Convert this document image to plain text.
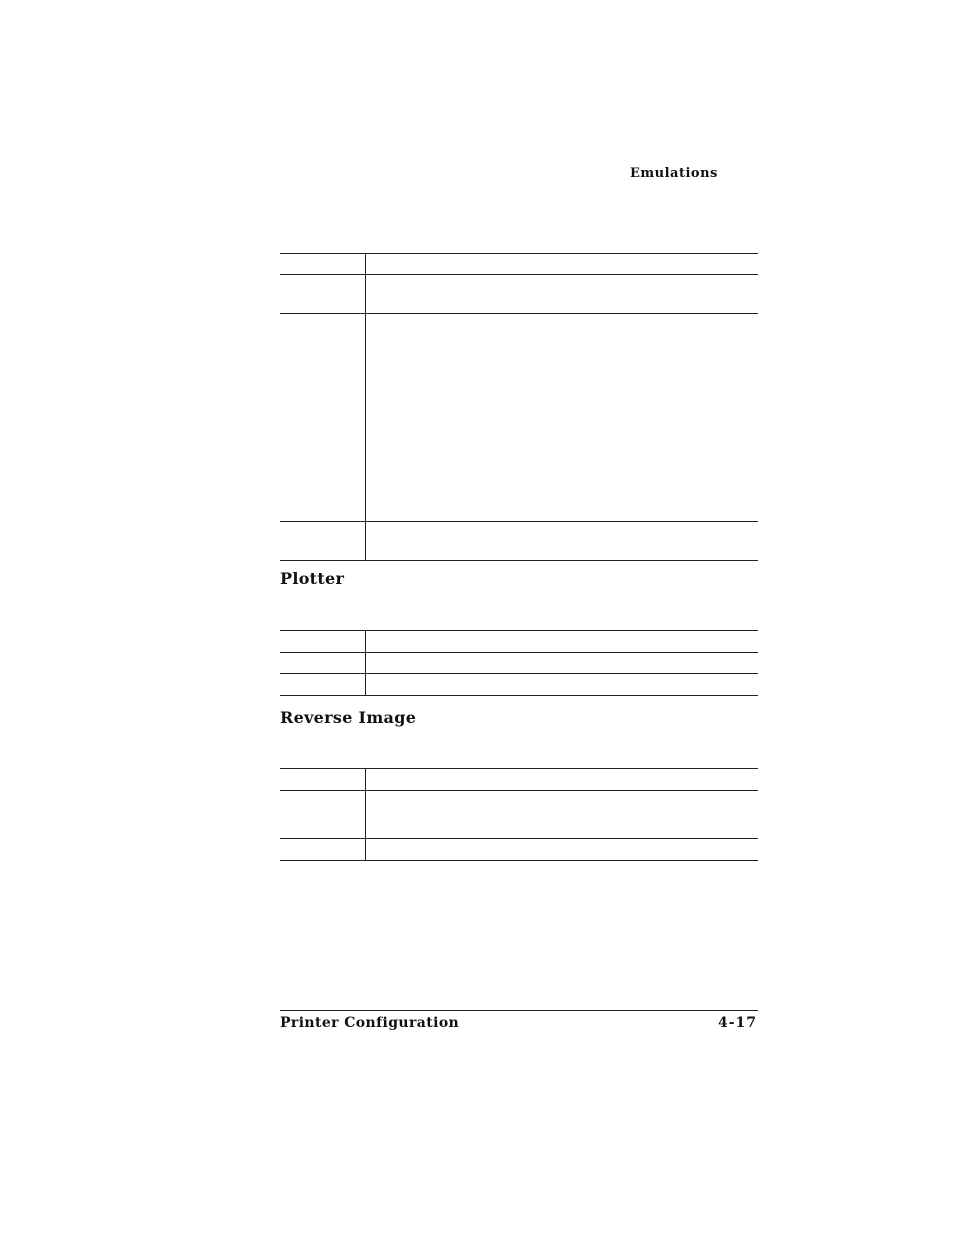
Emulations
Plotter
Reverse Image
Printer Configuration	4-17
